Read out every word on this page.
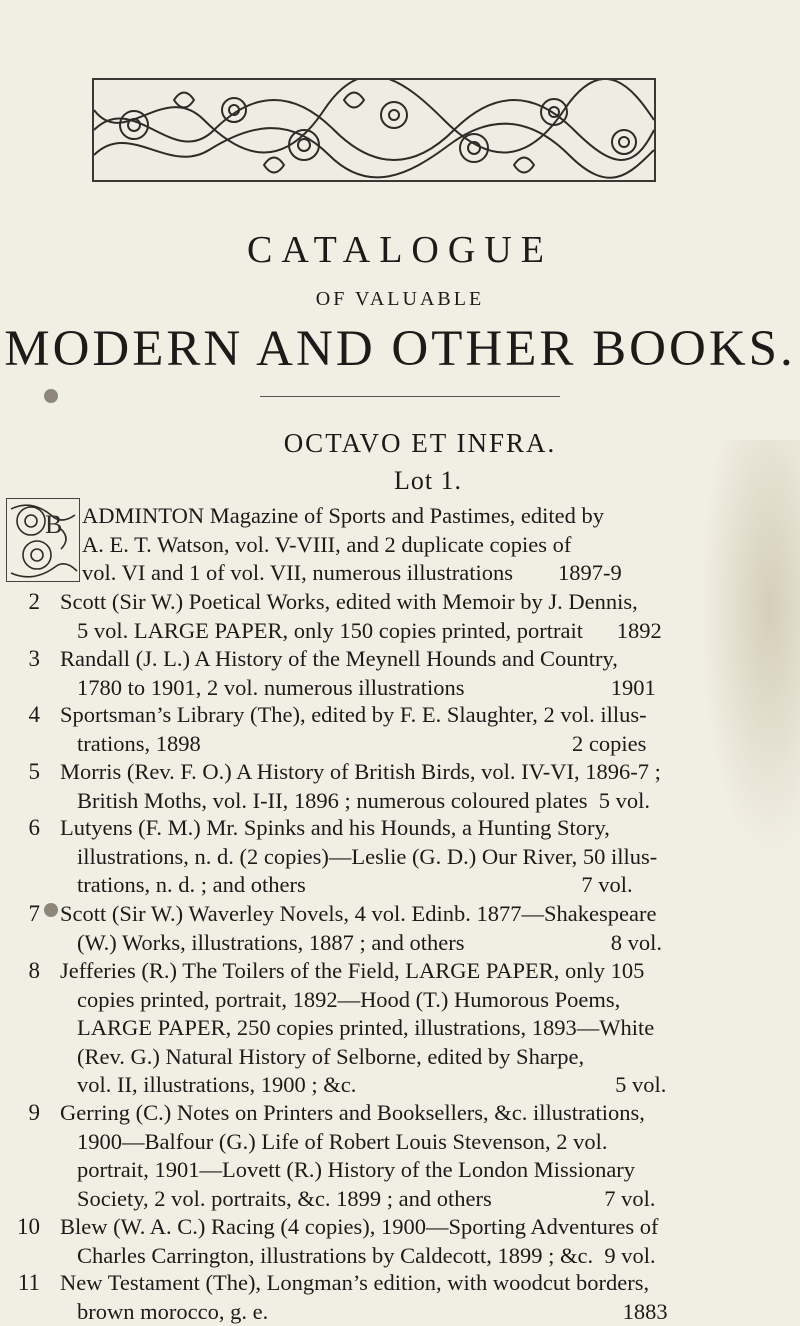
CATALOGUE
OF VALUABLE
MODERN AND OTHER BOOKS.
OCTAVO ET INFRA.
Lot 1.
B ADMINTON Magazine of Sports and Pastimes, edited by
A. E. T. Watson, vol. V-VIII, and 2 duplicate copies of
vol. VI and 1 of vol. VII, numerous illustrations        1897-9
2 Scott (Sir W.) Poetical Works, edited with Memoir by J. Dennis,
5 vol. LARGE PAPER, only 150 copies printed, portrait      1892
3 Randall (J. L.) A History of the Meynell Hounds and Country,
1780 to 1901, 2 vol. numerous illustrations                          1901
4 Sportsman’s Library (The), edited by F. E. Slaughter, 2 vol. illus-
trations, 1898                                                                  2 copies
5 Morris (Rev. F. O.) A History of British Birds, vol. IV-VI, 1896-7 ;
British Moths, vol. I-II, 1896 ; numerous coloured plates  5 vol.
6 Lutyens (F. M.) Mr. Spinks and his Hounds, a Hunting Story,
illustrations, n. d. (2 copies)—Leslie (G. D.) Our River, 50 illus-
trations, n. d. ; and others                                                 7 vol.
7 Scott (Sir W.) Waverley Novels, 4 vol. Edinb. 1877—Shakespeare
(W.) Works, illustrations, 1887 ; and others                          8 vol.
8 Jefferies (R.) The Toilers of the Field, LARGE PAPER, only 105
copies printed, portrait, 1892—Hood (T.) Humorous Poems,
LARGE PAPER, 250 copies printed, illustrations, 1893—White
(Rev. G.) Natural History of Selborne, edited by Sharpe,
vol. II, illustrations, 1900 ; &c.                                              5 vol.
9 Gerring (C.) Notes on Printers and Booksellers, &c. illustrations,
1900—Balfour (G.) Life of Robert Louis Stevenson, 2 vol.
portrait, 1901—Lovett (R.) History of the London Missionary
Society, 2 vol. portraits, &c. 1899 ; and others                    7 vol.
10 Blew (W. A. C.) Racing (4 copies), 1900—Sporting Adventures of
Charles Carrington, illustrations by Caldecott, 1899 ; &c.  9 vol.
11 New Testament (The), Longman’s edition, with woodcut borders,
brown morocco, g. e.                                                               1883
